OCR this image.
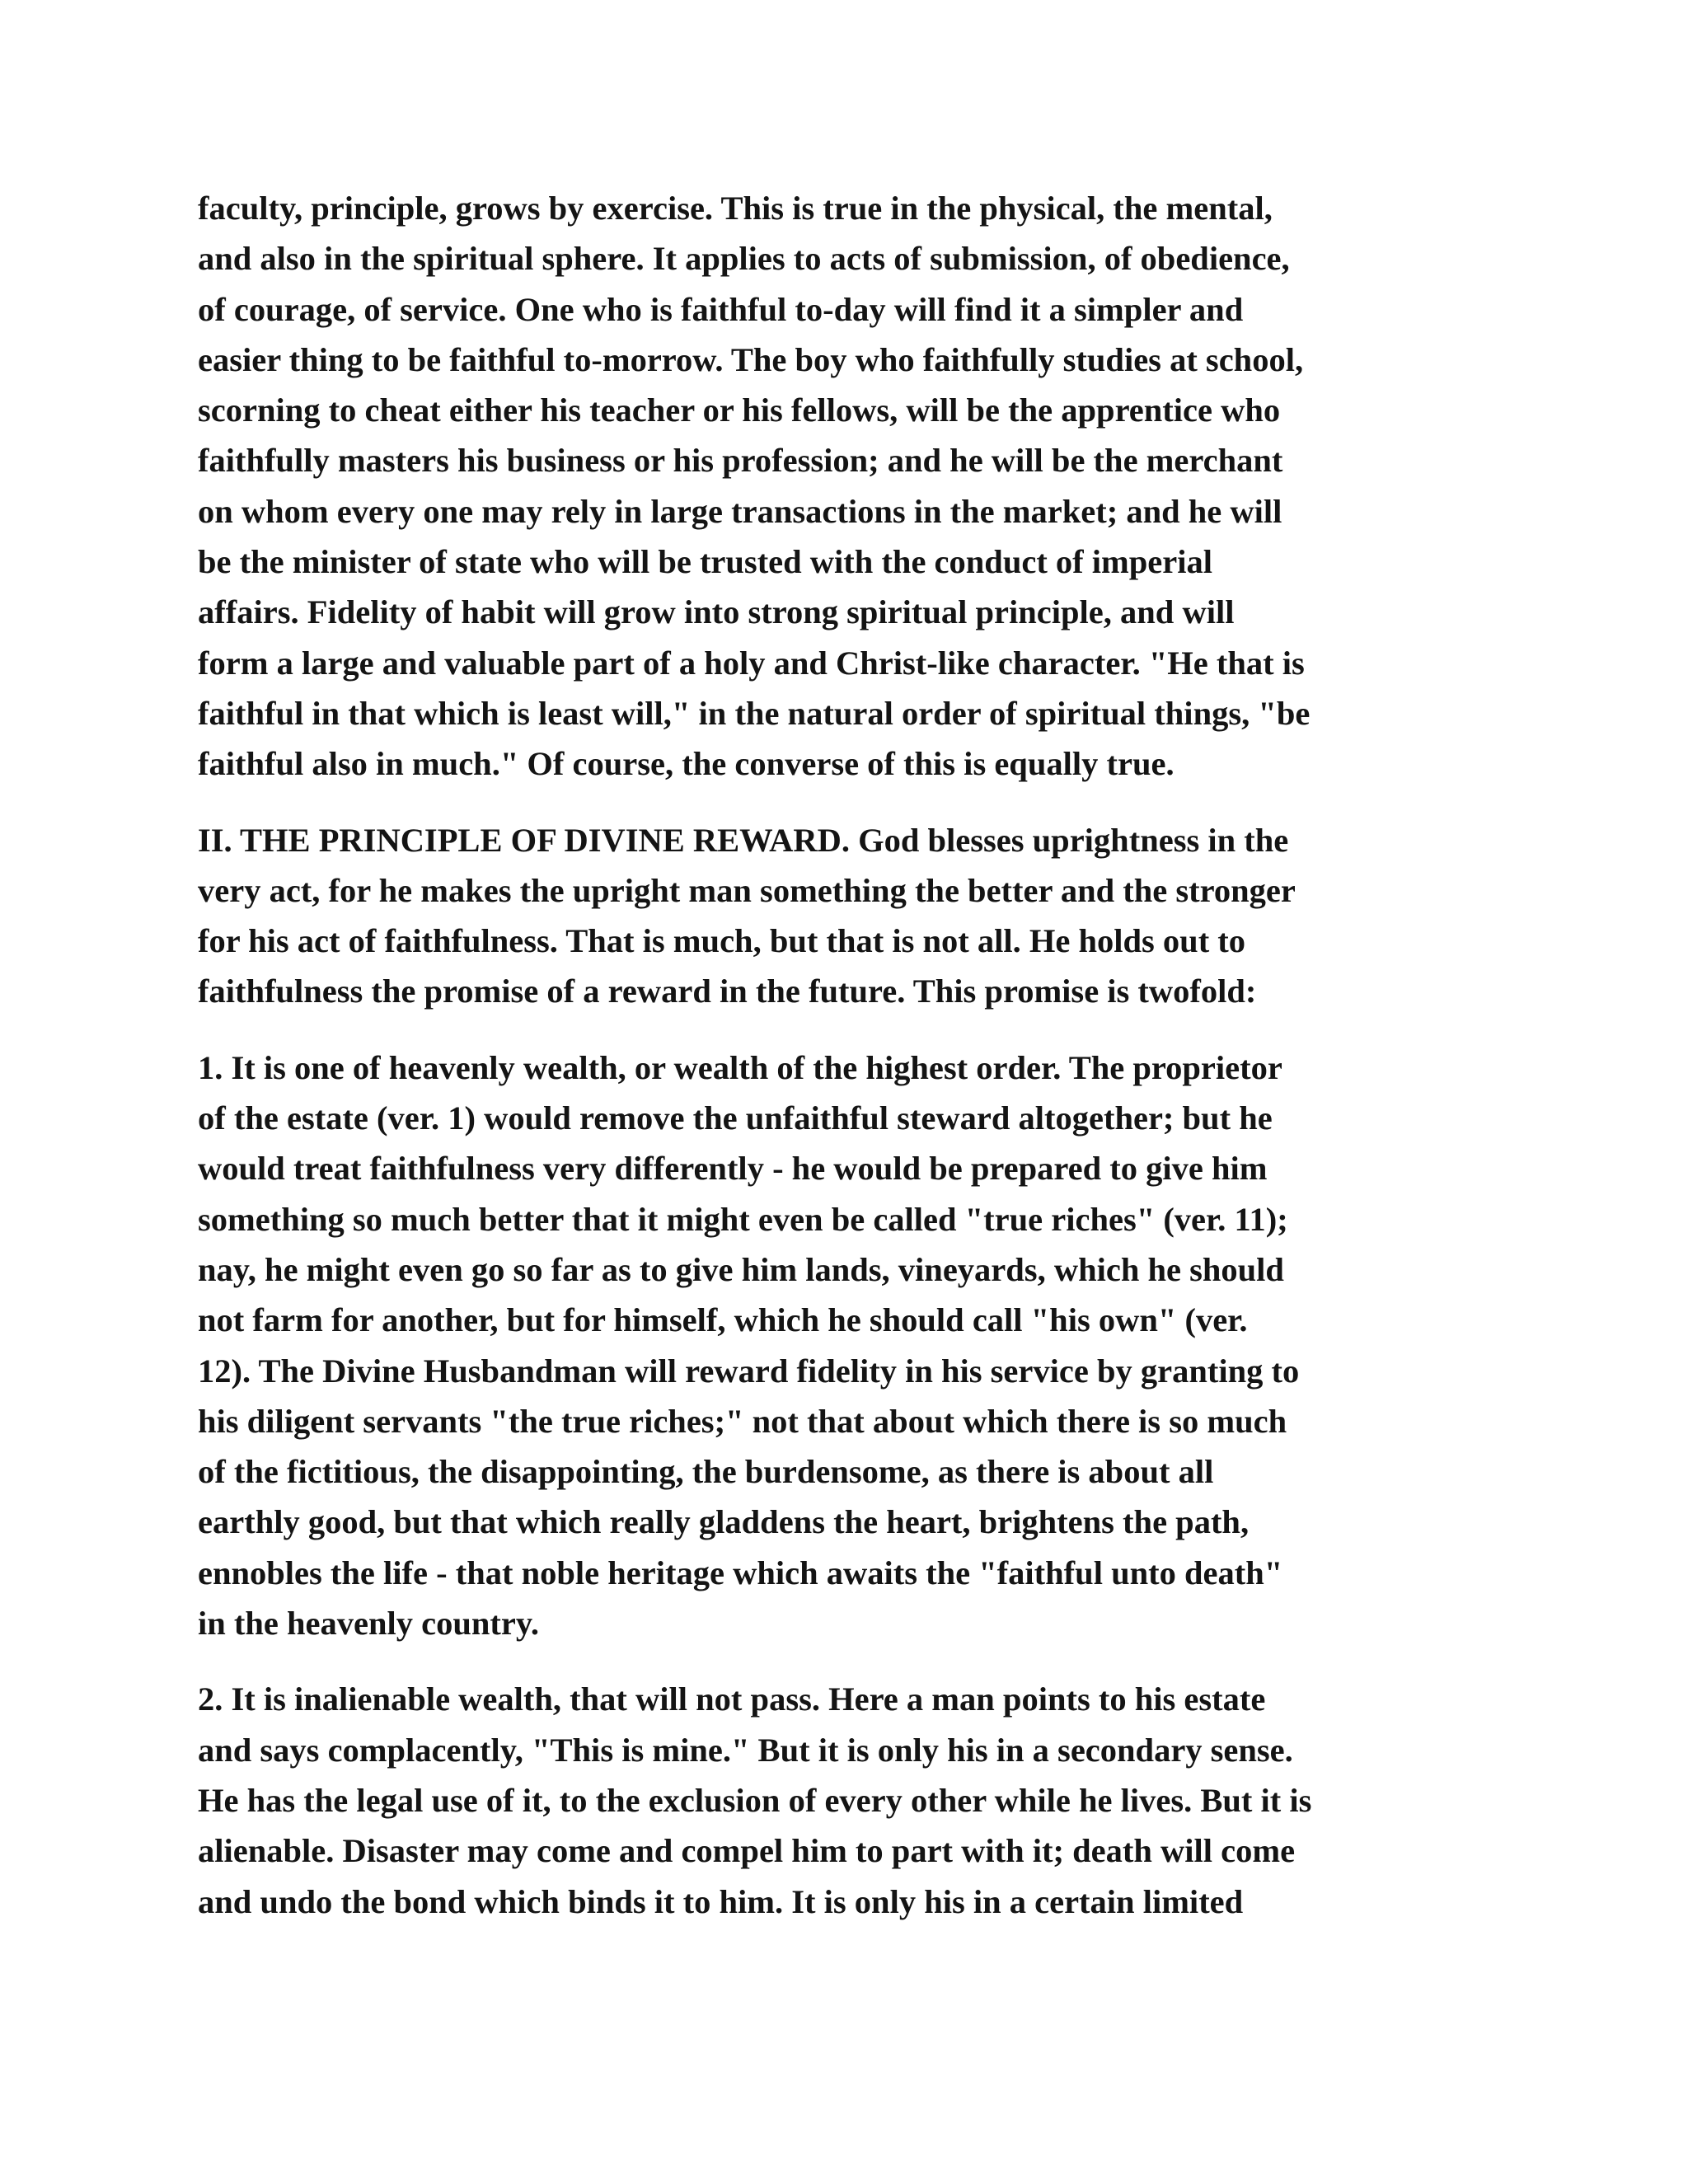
faculty, principle, grows by exercise. This is true in the physical, the mental,
and also in the spiritual sphere. It applies to acts of submission, of obedience,
of courage, of service. One who is faithful to-day will find it a simpler and
easier thing to be faithful to-morrow. The boy who faithfully studies at school,
scorning to cheat either his teacher or his fellows, will be the apprentice who
faithfully masters his business or his profession; and he will be the merchant
on whom every one may rely in large transactions in the market; and he will
be the minister of state who will be trusted with the conduct of imperial
affairs. Fidelity of habit will grow into strong spiritual principle, and will
form a large and valuable part of a holy and Christ-like character. "He that is
faithful in that which is least will," in the natural order of spiritual things, "be
faithful also in much." Of course, the converse of this is equally true.
II. THE PRINCIPLE OF DIVINE REWARD. God blesses uprightness in the
very act, for he makes the upright man something the better and the stronger
for his act of faithfulness. That is much, but that is not all. He holds out to
faithfulness the promise of a reward in the future. This promise is twofold:
1. It is one of heavenly wealth, or wealth of the highest order. The proprietor
of the estate (ver. 1) would remove the unfaithful steward altogether; but he
would treat faithfulness very differently - he would be prepared to give him
something so much better that it might even be called "true riches" (ver. 11);
nay, he might even go so far as to give him lands, vineyards, which he should
not farm for another, but for himself, which he should call "his own" (ver.
12). The Divine Husbandman will reward fidelity in his service by granting to
his diligent servants "the true riches;" not that about which there is so much
of the fictitious, the disappointing, the burdensome, as there is about all
earthly good, but that which really gladdens the heart, brightens the path,
ennobles the life - that noble heritage which awaits the "faithful unto death"
in the heavenly country.
2. It is inalienable wealth, that will not pass. Here a man points to his estate
and says complacently, "This is mine." But it is only his in a secondary sense.
He has the legal use of it, to the exclusion of every other while he lives. But it is
alienable. Disaster may come and compel him to part with it; death will come
and undo the bond which binds it to him. It is only his in a certain limited
